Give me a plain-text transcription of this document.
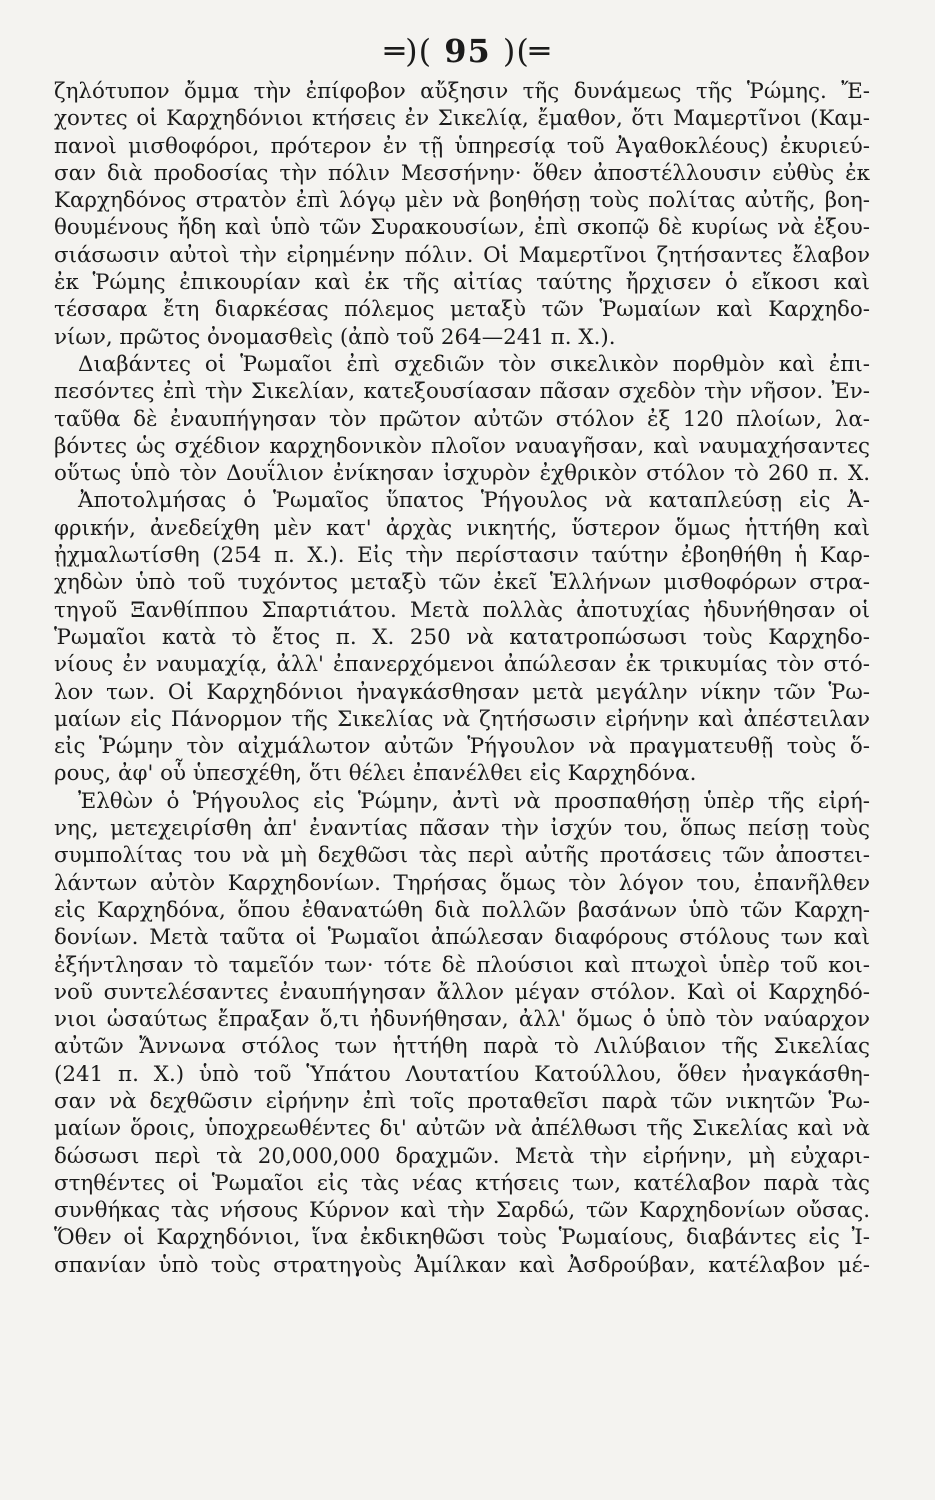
═)( 95 )(═
ζηλότυπον ὄμμα τὴν ἐπίφοβον αὔξησιν τῆς δυνάμεως τῆς Ῥώμης. Ἔ-
χοντες οἱ Καρχηδόνιοι κτήσεις ἐν Σικελίᾳ, ἔμαθον, ὅτι Μαμερτῖνοι (Καμ-
πανοὶ μισθοφόροι, πρότερον ἐν τῇ ὑπηρεσίᾳ τοῦ Ἀγαθοκλέους) ἐκυριεύ-
σαν διὰ προδοσίας τὴν πόλιν Μεσσήνην· ὅθεν ἀποστέλλουσιν εὐθὺς ἐκ
Καρχηδόνος στρατὸν ἐπὶ λόγῳ μὲν νὰ βοηθήσῃ τοὺς πολίτας αὐτῆς, βοη-
θουμένους ἤδη καὶ ὑπὸ τῶν Συρακουσίων, ἐπὶ σκοπῷ δὲ κυρίως νὰ ἐξου-
σιάσωσιν αὐτοὶ τὴν εἰρημένην πόλιν. Οἱ Μαμερτῖνοι ζητήσαντες ἔλαβον
ἐκ Ῥώμης ἐπικουρίαν καὶ ἐκ τῆς αἰτίας ταύτης ἤρχισεν ὁ εἴκοσι καὶ
τέσσαρα ἔτη διαρκέσας πόλεμος μεταξὺ τῶν Ῥωμαίων καὶ Καρχηδο-
νίων, πρῶτος ὀνομασθεὶς (ἀπὸ τοῦ 264—241 π. Χ.).
Διαβάντες οἱ Ῥωμαῖοι ἐπὶ σχεδιῶν τὸν σικελικὸν πορθμὸν καὶ ἐπι-
πεσόντες ἐπὶ τὴν Σικελίαν, κατεξουσίασαν πᾶσαν σχεδὸν τὴν νῆσον. Ἐν-
ταῦθα δὲ ἐναυπήγησαν τὸν πρῶτον αὐτῶν στόλον ἐξ 120 πλοίων, λα-
βόντες ὡς σχέδιον καρχηδονικὸν πλοῖον ναυαγῆσαν, καὶ ναυμαχήσαντες
οὕτως ὑπὸ τὸν Δουΐλιον ἐνίκησαν ἰσχυρὸν ἐχθρικὸν στόλον τὸ 260 π. Χ.
Ἀποτολμήσας ὁ Ῥωμαῖος ὕπατος Ῥήγουλος νὰ καταπλεύσῃ εἰς Ἀ-
φρικήν, ἀνεδείχθη μὲν κατ' ἀρχὰς νικητής, ὕστερον ὅμως ἡττήθη καὶ
ᾐχμαλωτίσθη (254 π. Χ.). Εἰς τὴν περίστασιν ταύτην ἐβοηθήθη ἡ Καρ-
χηδὼν ὑπὸ τοῦ τυχόντος μεταξὺ τῶν ἐκεῖ Ἑλλήνων μισθοφόρων στρα-
τηγοῦ Ξανθίππου Σπαρτιάτου. Μετὰ πολλὰς ἀποτυχίας ἠδυνήθησαν οἱ
Ῥωμαῖοι κατὰ τὸ ἔτος π. Χ. 250 νὰ κατατροπώσωσι τοὺς Καρχηδο-
νίους ἐν ναυμαχίᾳ, ἀλλ' ἐπανερχόμενοι ἀπώλεσαν ἐκ τρικυμίας τὸν στό-
λον των. Οἱ Καρχηδόνιοι ἠναγκάσθησαν μετὰ μεγάλην νίκην τῶν Ῥω-
μαίων εἰς Πάνορμον τῆς Σικελίας νὰ ζητήσωσιν εἰρήνην καὶ ἀπέστειλαν
εἰς Ῥώμην τὸν αἰχμάλωτον αὐτῶν Ῥήγουλον νὰ πραγματευθῇ τοὺς ὅ-
ρους, ἀφ' οὗ ὑπεσχέθη, ὅτι θέλει ἐπανέλθει εἰς Καρχηδόνα.
Ἐλθὼν ὁ Ῥήγουλος εἰς Ῥώμην, ἀντὶ νὰ προσπαθήσῃ ὑπὲρ τῆς εἰρή-
νης, μετεχειρίσθη ἀπ' ἐναντίας πᾶσαν τὴν ἰσχύν του, ὅπως πείσῃ τοὺς
συμπολίτας του νὰ μὴ δεχθῶσι τὰς περὶ αὐτῆς προτάσεις τῶν ἀποστει-
λάντων αὐτὸν Καρχηδονίων. Τηρήσας ὅμως τὸν λόγον του, ἐπανῆλθεν
εἰς Καρχηδόνα, ὅπου ἐθανατώθη διὰ πολλῶν βασάνων ὑπὸ τῶν Καρχη-
δονίων. Μετὰ ταῦτα οἱ Ῥωμαῖοι ἀπώλεσαν διαφόρους στόλους των καὶ
ἐξήντλησαν τὸ ταμεῖόν των· τότε δὲ πλούσιοι καὶ πτωχοὶ ὑπὲρ τοῦ κοι-
νοῦ συντελέσαντες ἐναυπήγησαν ἄλλον μέγαν στόλον. Καὶ οἱ Καρχηδό-
νιοι ὡσαύτως ἔπραξαν ὅ,τι ἠδυνήθησαν, ἀλλ' ὅμως ὁ ὑπὸ τὸν ναύαρχον
αὐτῶν Ἄννωνα στόλος των ἡττήθη παρὰ τὸ Λιλύβαιον τῆς Σικελίας
(241 π. Χ.) ὑπὸ τοῦ Ὑπάτου Λουτατίου Κατούλλου, ὅθεν ἠναγκάσθη-
σαν νὰ δεχθῶσιν εἰρήνην ἐπὶ τοῖς προταθεῖσι παρὰ τῶν νικητῶν Ῥω-
μαίων ὅροις, ὑποχρεωθέντες δι' αὐτῶν νὰ ἀπέλθωσι τῆς Σικελίας καὶ νὰ
δώσωσι περὶ τὰ 20,000,000 δραχμῶν. Μετὰ τὴν εἰρήνην, μὴ εὐχαρι-
στηθέντες οἱ Ῥωμαῖοι εἰς τὰς νέας κτήσεις των, κατέλαβον παρὰ τὰς
συνθήκας τὰς νήσους Κύρνον καὶ τὴν Σαρδώ, τῶν Καρχηδονίων οὔσας.
Ὅθεν οἱ Καρχηδόνιοι, ἵνα ἐκδικηθῶσι τοὺς Ῥωμαίους, διαβάντες εἰς Ἰ-
σπανίαν ὑπὸ τοὺς στρατηγοὺς Ἀμίλκαν καὶ Ἀσδρούβαν, κατέλαβον μέ-
